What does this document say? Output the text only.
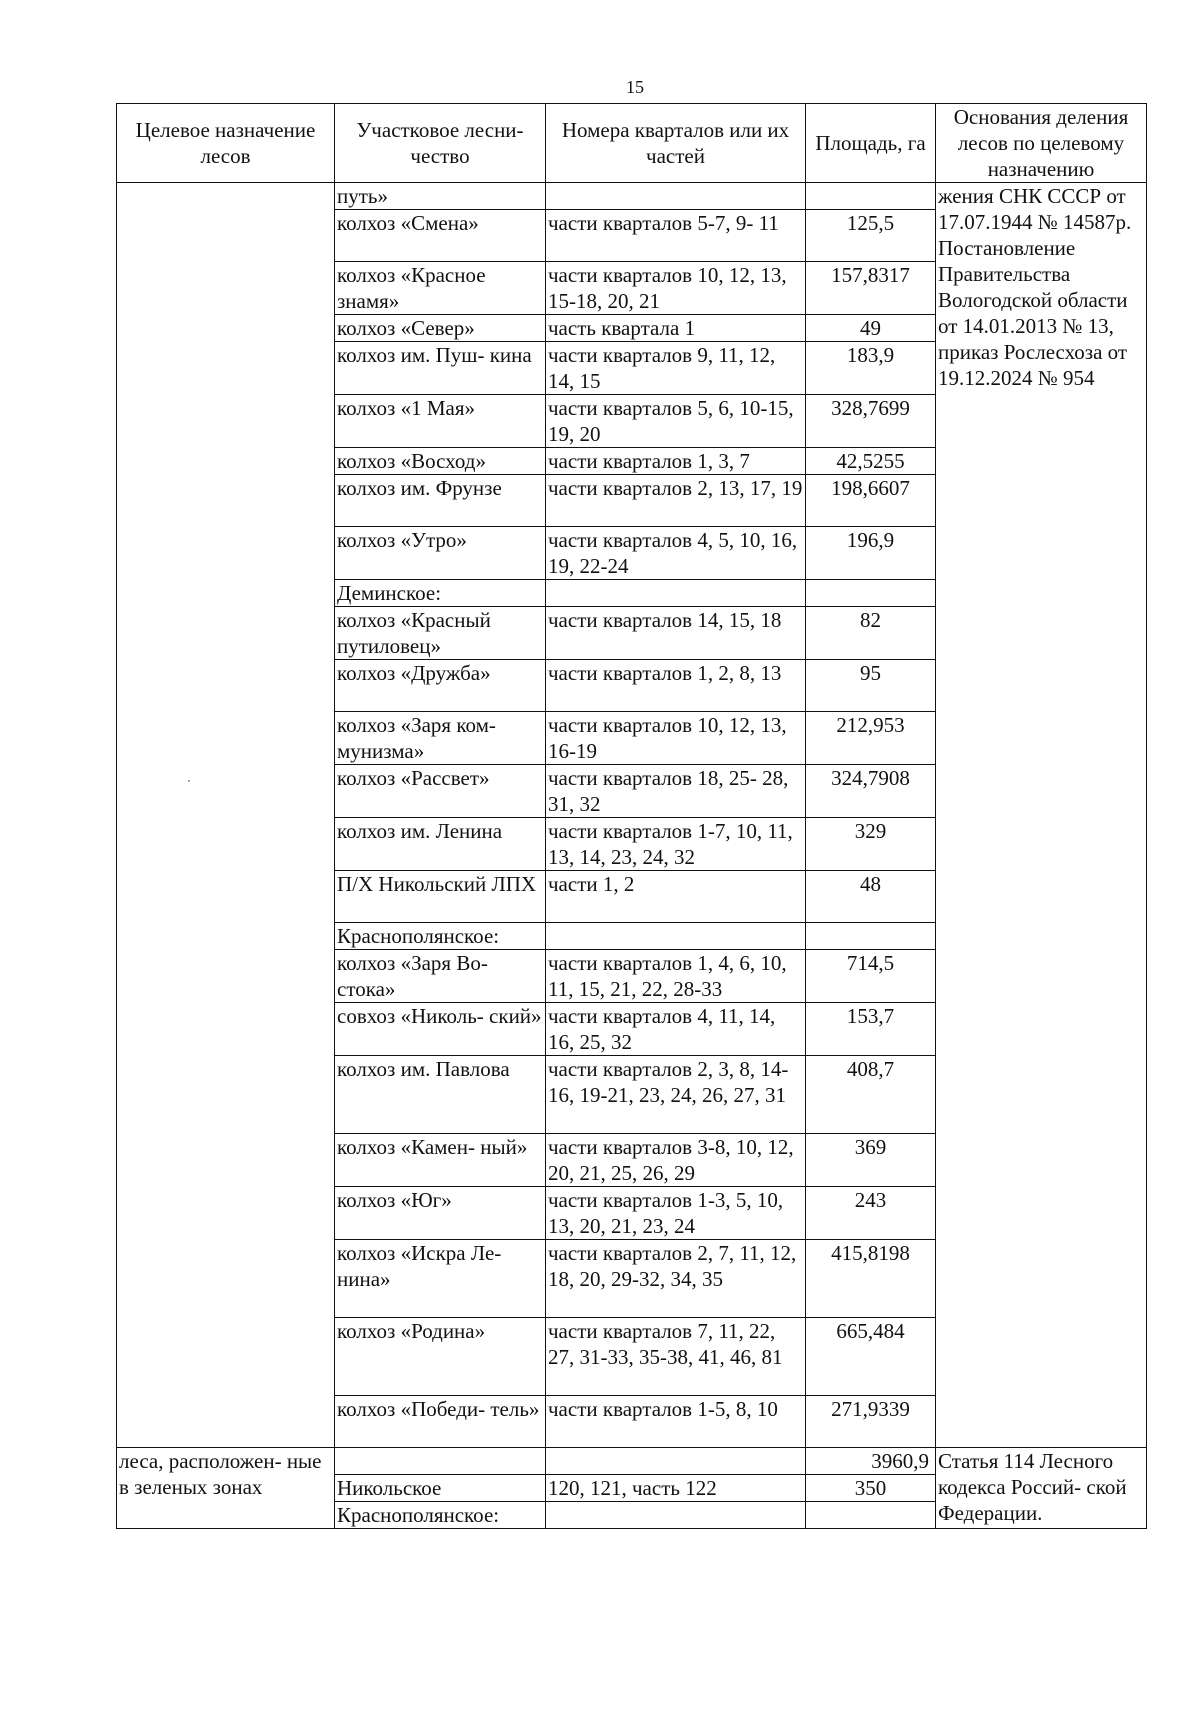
15
Целевое назначение лесов	Участковое лесни- чество	Номера кварталов или их частей	Площадь, га	Основания деления лесов по целевому назначению
	путь»			жения СНК СССР от 17.07.1944 № 14587р. Постановление Правительства Вологодской области от 14.01.2013 № 13, приказ Рослесхоза от 19.12.2024 № 954
	колхоз «Смена»	части кварталов 5-7, 9- 11	125,5	
	колхоз «Красное знамя»	части кварталов 10, 12, 13, 15-18, 20, 21	157,8317	
	колхоз «Север»	часть квартала 1	49	
	колхоз им. Пуш- кина	части кварталов 9, 11, 12, 14, 15	183,9	
	колхоз «1 Мая»	части кварталов 5, 6, 10-15, 19, 20	328,7699	
	колхоз «Восход»	части кварталов 1, 3, 7	42,5255	
	колхоз им. Фрунзе	части кварталов 2, 13, 17, 19	198,6607	
	колхоз «Утро»	части кварталов 4, 5, 10, 16, 19, 22-24	196,9	
	Деминское:			
	колхоз «Красный путиловец»	части кварталов 14, 15, 18	82	
	колхоз «Дружба»	части кварталов 1, 2, 8, 13	95	
	колхоз «Заря ком- мунизма»	части кварталов 10, 12, 13, 16-19	212,953	
	колхоз «Рассвет»	части кварталов 18, 25- 28, 31, 32	324,7908	
	колхоз им. Ленина	части кварталов 1-7, 10, 11, 13, 14, 23, 24, 32	329	
	П/Х Никольский ЛПХ	части 1, 2	48	
	Краснополянское:			
	колхоз «Заря Во- стока»	части кварталов 1, 4, 6, 10, 11, 15, 21, 22, 28-33	714,5	
	совхоз «Николь- ский»	части кварталов 4, 11, 14, 16, 25, 32	153,7	
	колхоз им. Павлова	части кварталов 2, 3, 8, 14-16, 19-21, 23, 24, 26, 27, 31	408,7	
	колхоз «Камен- ный»	части кварталов 3-8, 10, 12, 20, 21, 25, 26, 29	369	
	колхоз «Юг»	части кварталов 1-3, 5, 10, 13, 20, 21, 23, 24	243	
	колхоз «Искра Ле- нина»	части кварталов 2, 7, 11, 12, 18, 20, 29-32, 34, 35	415,8198	
	колхоз «Родина»	части кварталов 7, 11, 22, 27, 31-33, 35-38, 41, 46, 81	665,484	
	колхоз «Победи- тель»	части кварталов 1-5, 8, 10	271,9339	
леса, расположен- ные в зеленых зонах			3960,9	Статья 114 Лесного кодекса Россий- ской Федерации.
	Никольское	120, 121, часть 122	350	
	Краснополянское:			
